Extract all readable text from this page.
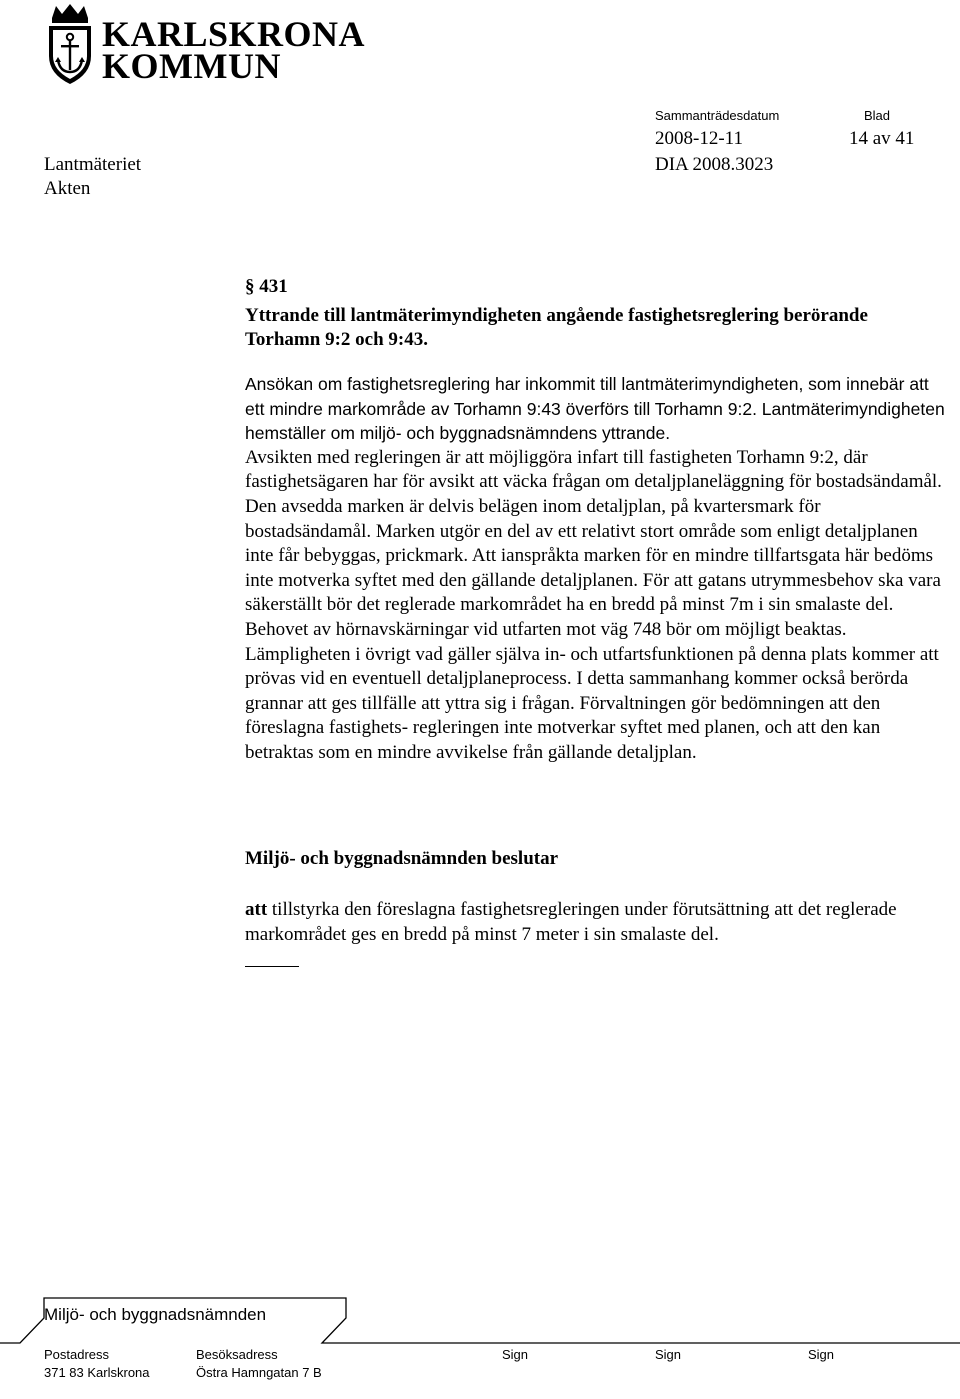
KARLSKRONA
KOMMUN
Sammanträdesdatum	Blad
2008-12-11	14 av 41
Lantmäteriet	DIA 2008.3023
Akten
§ 431
Yttrande till lantmäterimyndigheten angående fastighetsreglering berörande Torhamn 9:2 och 9:43.

Ansökan om fastighetsreglering har inkommit till lantmäterimyndigheten, som innebär att ett mindre markområde av Torhamn 9:43 överförs till Torhamn 9:2. Lantmäterimyndigheten hemställer om miljö- och byggnadsnämndens yttrande.

Avsikten med regleringen är att möjliggöra infart till fastigheten Torhamn 9:2, där fastighetsägaren har för avsikt att väcka frågan om detaljplaneläggning för bostadsändamål. Den avsedda marken är delvis belägen inom detaljplan, på kvartersmark för bostadsändamål. Marken utgör en del av ett relativt stort område som enligt detaljplanen inte får bebyggas, prickmark. Att ianspråkta marken för en mindre tillfartsgata här bedöms inte motverka syftet med den gällande detaljplanen. För att gatans utrymmesbehov ska vara säkerställt bör det reglerade markområdet ha en bredd på minst 7m i sin smalaste del. Behovet av hörnavskärningar vid utfarten mot väg 748 bör om möjligt beaktas. Lämpligheten i övrigt vad gäller själva in- och utfartsfunktionen på denna plats kommer att prövas vid en eventuell detaljplaneprocess. I detta sammanhang kommer också berörda grannar att ges tillfälle att yttra sig i frågan. Förvaltningen gör bedömningen att den föreslagna fastighets- regleringen inte motverkar syftet med planen, och att den kan betraktas som en mindre avvikelse från gällande detaljplan.

Miljö- och byggnadsnämnden beslutar
att tillstyrka den föreslagna fastighetsregleringen under förutsättning att det reglerade markområdet ges en bredd på minst 7 meter i sin smalaste del.
Miljö- och byggnadsnämnden
Postadress	Besöksadress	Sign	Sign	Sign
371 83 Karlskrona	Östra Hamngatan 7 B
